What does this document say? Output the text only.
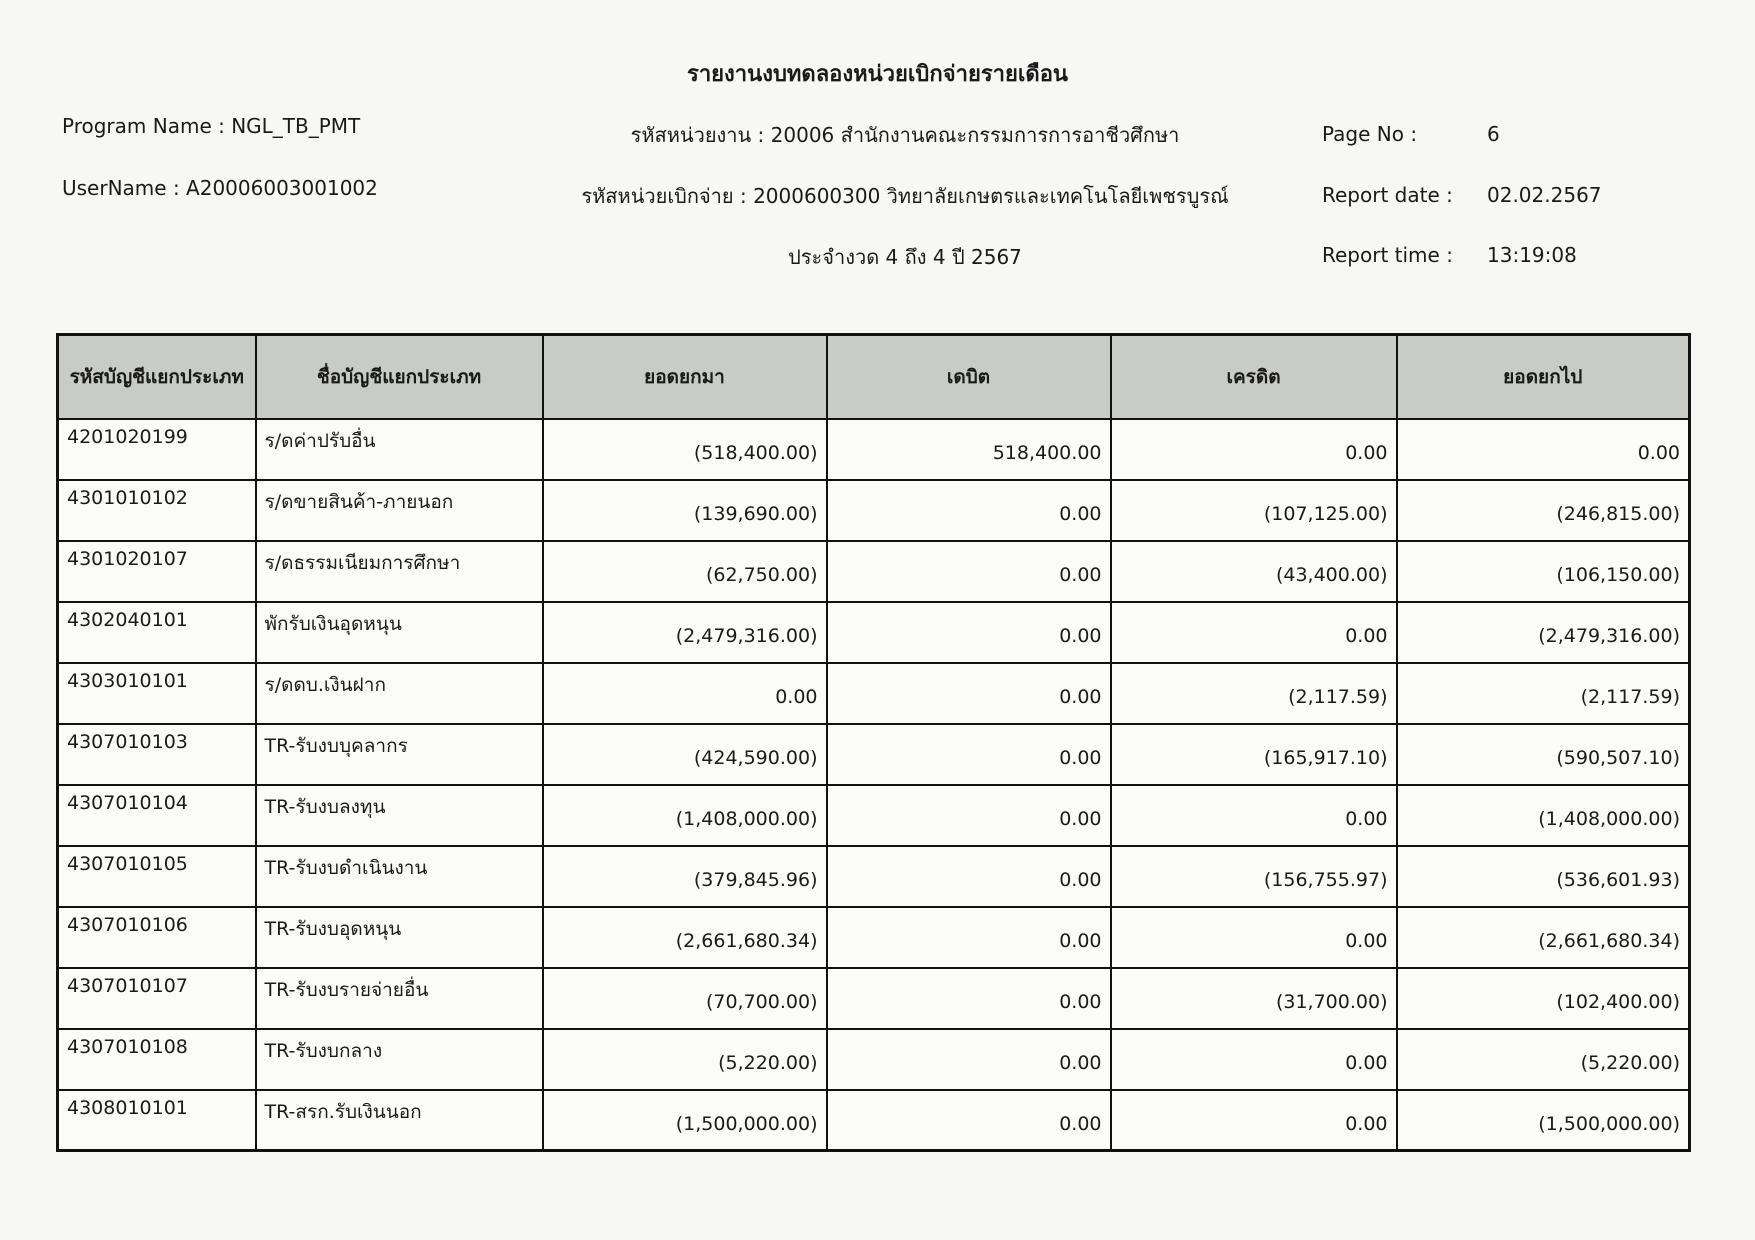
รายงานงบทดลองหน่วยเบิกจ่ายรายเดือน
Program Name : NGL_TB_PMT
UserName : A20006003001002
รหัสหน่วยงาน : 20006 สำนักงานคณะกรรมการการอาชีวศึกษา
รหัสหน่วยเบิกจ่าย : 2000600300 วิทยาลัยเกษตรและเทคโนโลยีเพชรบูรณ์
ประจำงวด 4 ถึง 4 ปี 2567
Page No :	6
Report date : 02.02.2567
Report time : 13:19:08
รหัสบัญชีแยกประเภท	ชื่อบัญชีแยกประเภท	ยอดยกมา	เดบิต	เครดิต	ยอดยกไป
4201020199	ร/ดค่าปรับอื่น	(518,400.00)	518,400.00	0.00	0.00
4301010102	ร/ดขายสินค้า-ภายนอก	(139,690.00)	0.00	(107,125.00)	(246,815.00)
4301020107	ร/ดธรรมเนียมการศึกษา	(62,750.00)	0.00	(43,400.00)	(106,150.00)
4302040101	พักรับเงินอุดหนุน	(2,479,316.00)	0.00	0.00	(2,479,316.00)
4303010101	ร/ดดบ.เงินฝาก	0.00	0.00	(2,117.59)	(2,117.59)
4307010103	TR-รับงบบุคลากร	(424,590.00)	0.00	(165,917.10)	(590,507.10)
4307010104	TR-รับงบลงทุน	(1,408,000.00)	0.00	0.00	(1,408,000.00)
4307010105	TR-รับงบดำเนินงาน	(379,845.96)	0.00	(156,755.97)	(536,601.93)
4307010106	TR-รับงบอุดหนุน	(2,661,680.34)	0.00	0.00	(2,661,680.34)
4307010107	TR-รับงบรายจ่ายอื่น	(70,700.00)	0.00	(31,700.00)	(102,400.00)
4307010108	TR-รับงบกลาง	(5,220.00)	0.00	0.00	(5,220.00)
4308010101	TR-สรก.รับเงินนอก	(1,500,000.00)	0.00	0.00	(1,500,000.00)
